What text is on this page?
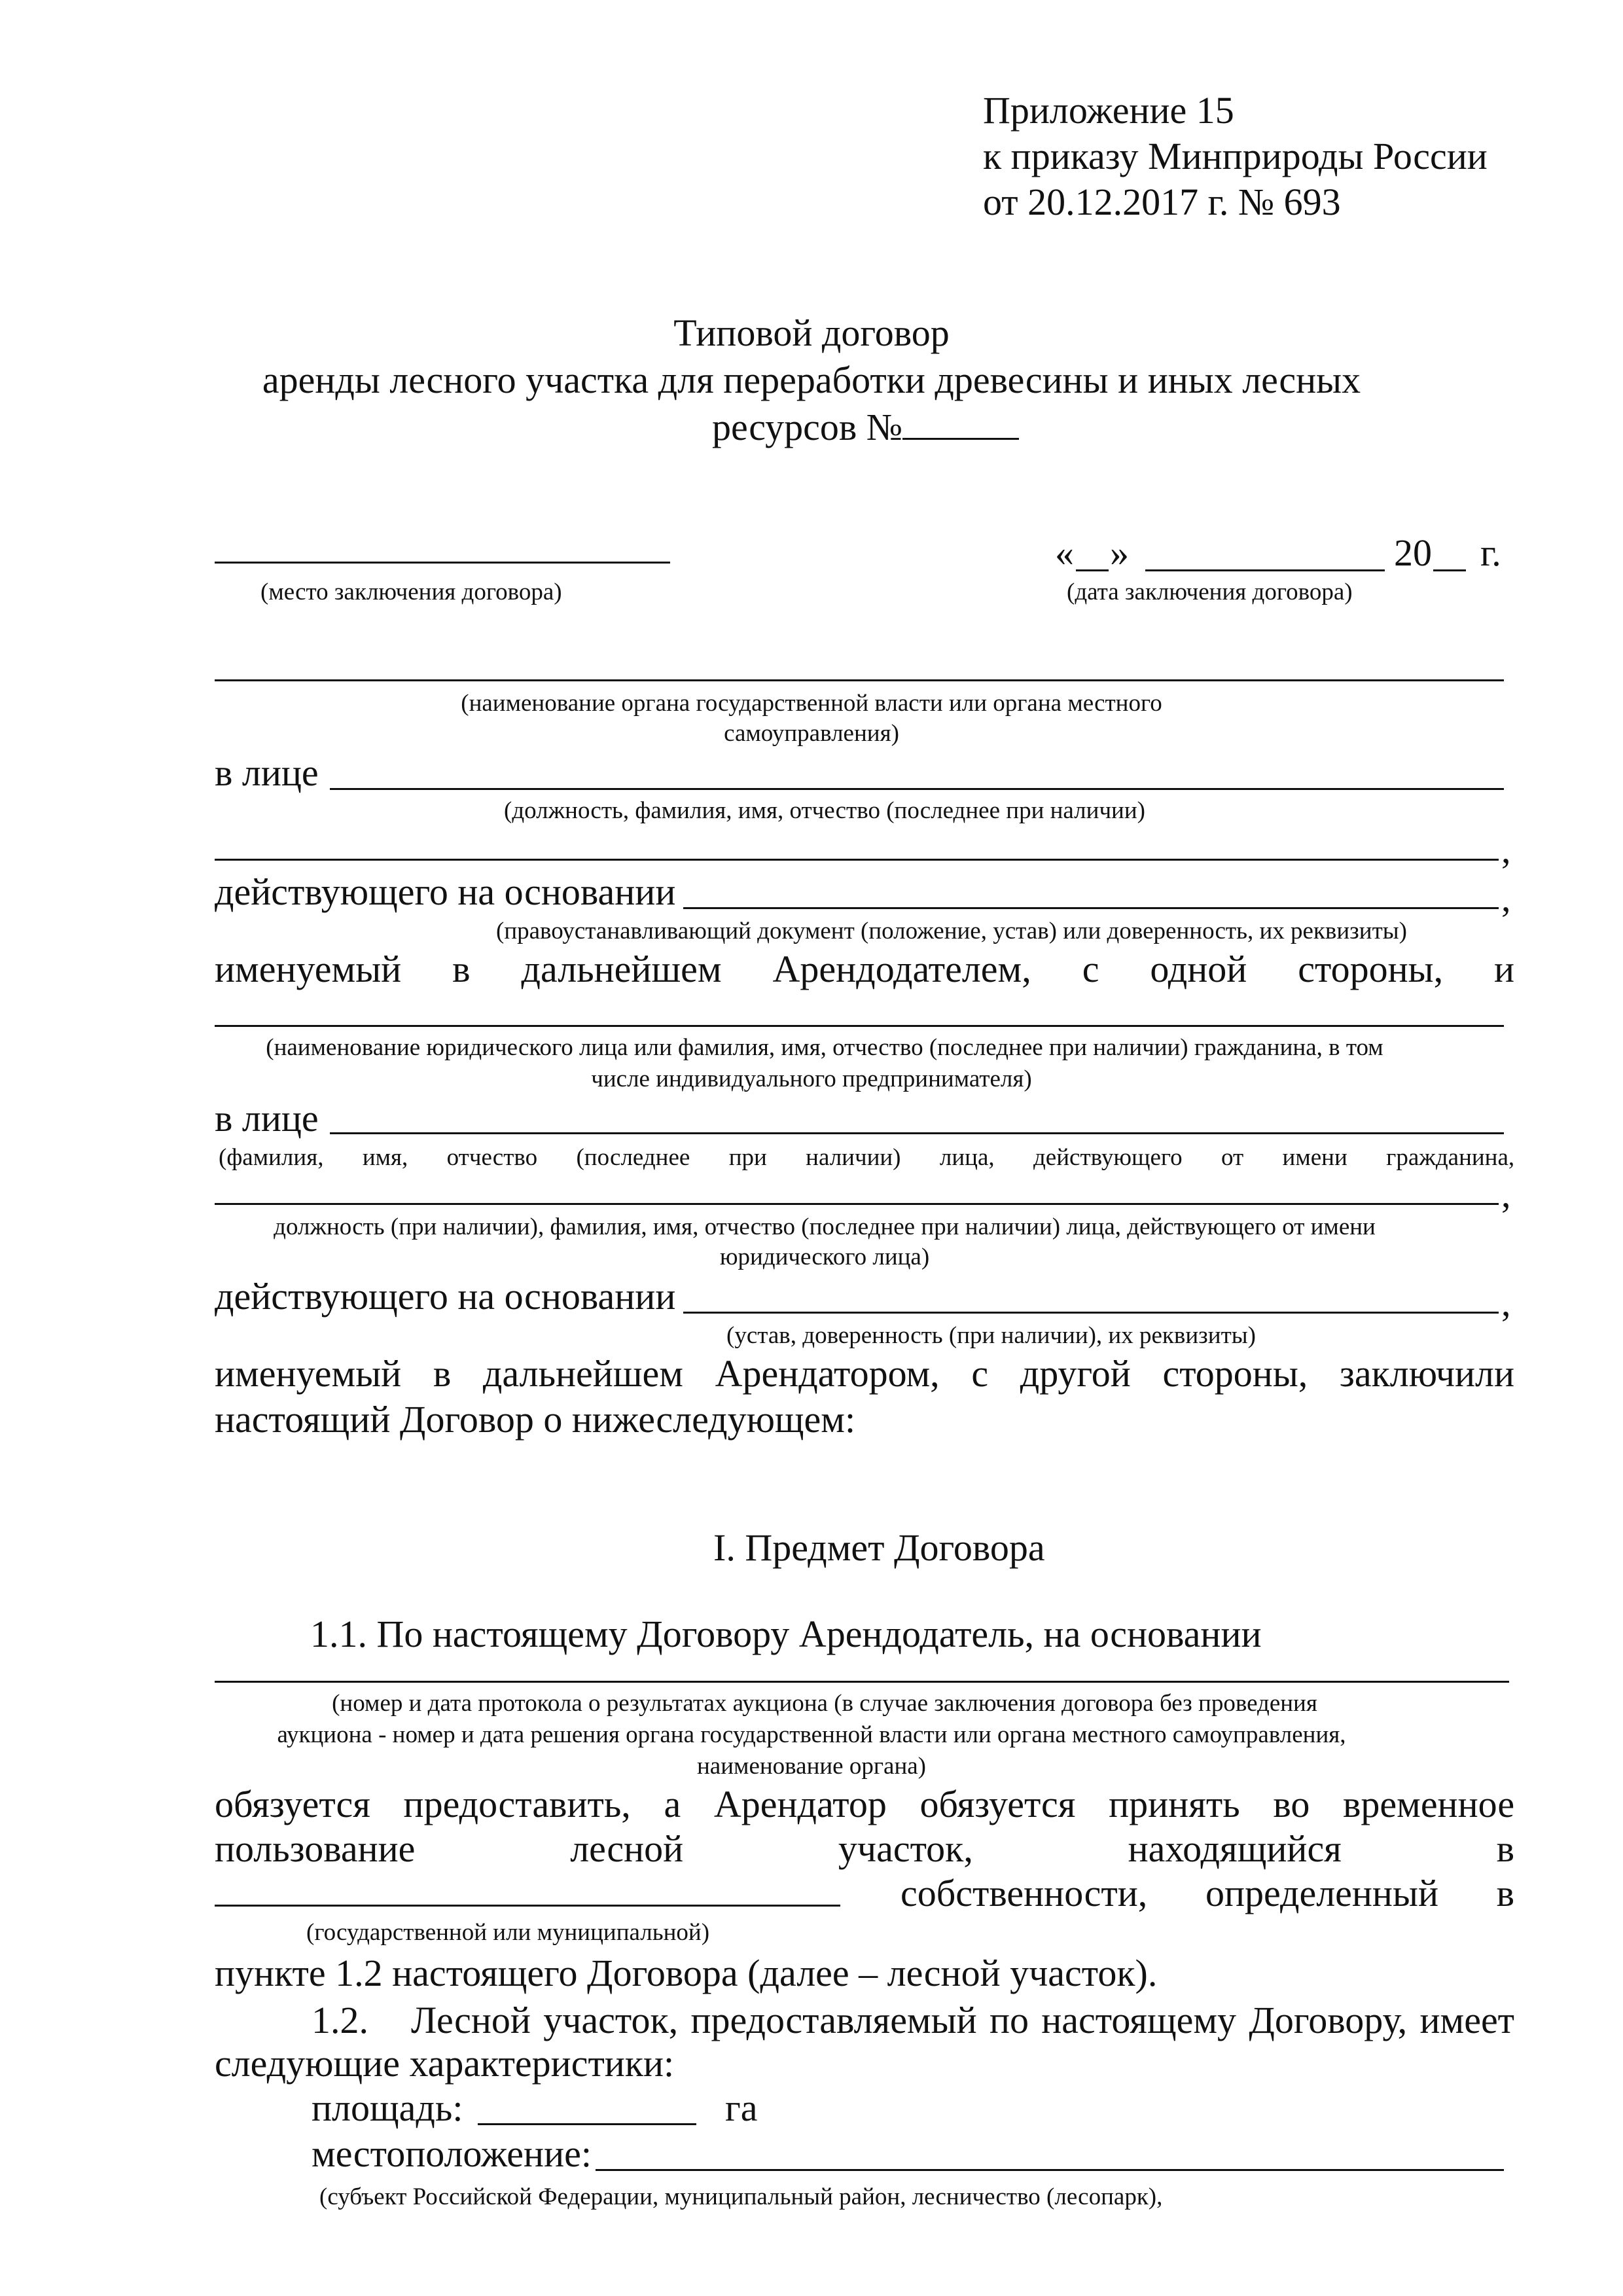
Приложение 15
к приказу Минприроды России
от 20.12.2017 г. № 693
Типовой договор
аренды лесного участка для переработки древесины и иных лесных
ресурсов №
(место заключения договора)
« »	20 г.
(дата заключения договора)
(наименование органа государственной власти или органа местного
самоуправления)
в лице
(должность, фамилия, имя, отчество (последнее при наличии)
,
действующего на основании	,
(правоустанавливающий документ (положение, устав) или доверенность, их реквизиты)
именуемый в дальнейшем Арендодателем, с одной стороны, и
(наименование юридического лица или фамилия, имя, отчество (последнее при наличии) гражданина, в том
числе индивидуального предпринимателя)
в лице
(фамилия, имя, отчество (последнее при наличии) лица, действующего от имени гражданина,
,
должность (при наличии), фамилия, имя, отчество (последнее при наличии) лица, действующего от имени
юридического лица)
действующего на основании	,
(устав, доверенность (при наличии), их реквизиты)
именуемый в дальнейшем Арендатором, с другой стороны, заключили
настоящий Договор о нижеследующем:
I. Предмет Договора
1.1. По настоящему Договору Арендодатель, на основании
(номер и дата протокола о результатах аукциона (в случае заключения договора без проведения
аукциона - номер и дата решения органа государственной власти или органа местного самоуправления,
наименование органа)
обязуется предоставить, а Арендатор обязуется принять во временное
пользование	лесной	участок,	находящийся	в
собственности, определенный в
(государственной или муниципальной)
пункте 1.2 настоящего Договора (далее – лесной участок).
1.2. Лесной участок, предоставляемый по настоящему Договору, имеет
следующие характеристики:
площадь:	га
местоположение:
(субъект Российской Федерации, муниципальный район, лесничество (лесопарк),
